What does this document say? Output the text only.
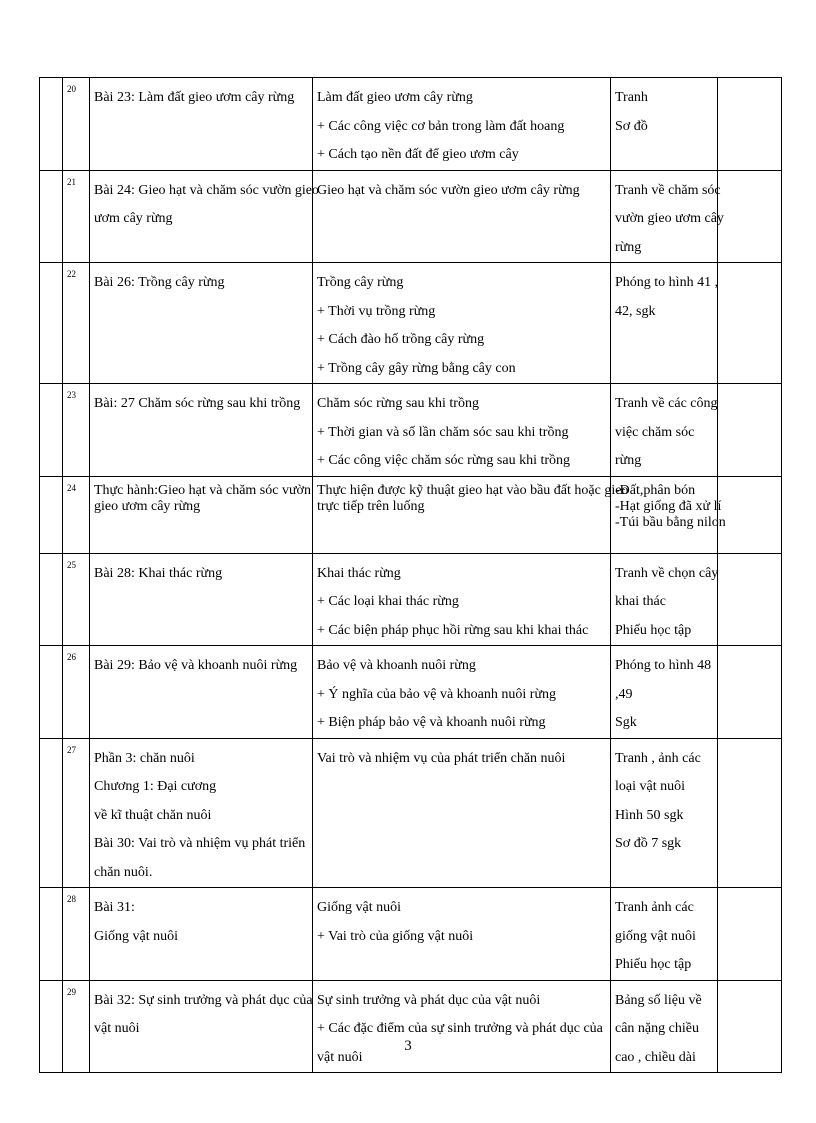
	20	Bài 23: Làm đất gieo ươm cây rừng	Làm đất gieo ươm cây rừng
+ Các công việc cơ bản trong làm đất hoang
+ Cách tạo nền đất để gieo ươm cây	Tranh
Sơ đồ	

	21	Bài 24: Gieo hạt và chăm sóc vườn gieo
ươm cây rừng	Gieo hạt và chăm sóc vườn gieo ươm cây rừng	Tranh về chăm sóc
vườn gieo ươm cây
rừng	

	22	Bài 26: Trồng cây rừng	Trồng cây rừng
+ Thời vụ trồng rừng
+ Cách đào hố trồng cây rừng
+ Trồng cây gây rừng bằng cây con	Phóng to hình 41 ,
42, sgk	

	23	Bài: 27 Chăm sóc rừng sau khi trồng	Chăm sóc rừng sau khi trồng
+ Thời gian và số lần chăm sóc sau khi trồng
+ Các công việc chăm sóc rừng sau khi trồng	Tranh về các công
việc chăm sóc
rừng	

	24	Thực hành:Gieo hạt và chăm sóc vườn
gieo ươm cây rừng	Thực hiện được kỹ thuật gieo hạt vào bầu đất hoặc gieo
trực tiếp trên luống	-Đất,phân bón
-Hạt giống đã xử lí
-Túi bầu bằng nilon	

	25	Bài 28: Khai thác rừng	Khai thác rừng
+ Các loại khai thác rừng
+ Các biện pháp phục hồi rừng sau khi khai thác	Tranh về chọn cây
khai thác
Phiếu học tập	

	26	Bài 29: Bảo vệ và khoanh nuôi rừng	Bảo vệ và khoanh nuôi rừng
+ Ý nghĩa của bảo vệ và khoanh nuôi rừng
+ Biện pháp bảo vệ và khoanh nuôi rừng	Phóng to hình 48
,49
Sgk	

	27	Phần 3: chăn nuôi
Chương 1: Đại cương
về kĩ thuật chăn nuôi
Bài 30: Vai trò và nhiệm vụ phát triển
chăn nuôi.	Vai trò và nhiệm vụ của phát triển chăn nuôi	Tranh , ảnh các
loại vật nuôi
Hình 50 sgk
Sơ đồ 7 sgk	

	28	Bài 31:
Giống vật nuôi	Giống vật nuôi
+ Vai trò của giống vật nuôi	Tranh ảnh các
giống vật nuôi
Phiếu học tập	

	29	Bài 32: Sự sinh trưởng và phát dục của
vật nuôi	Sự sinh trưởng và phát dục của vật nuôi
+ Các đặc điểm của sự sinh trưởng và phát dục của
vật nuôi	Bảng số liệu về
cân nặng chiều
cao , chiều dài	

3
